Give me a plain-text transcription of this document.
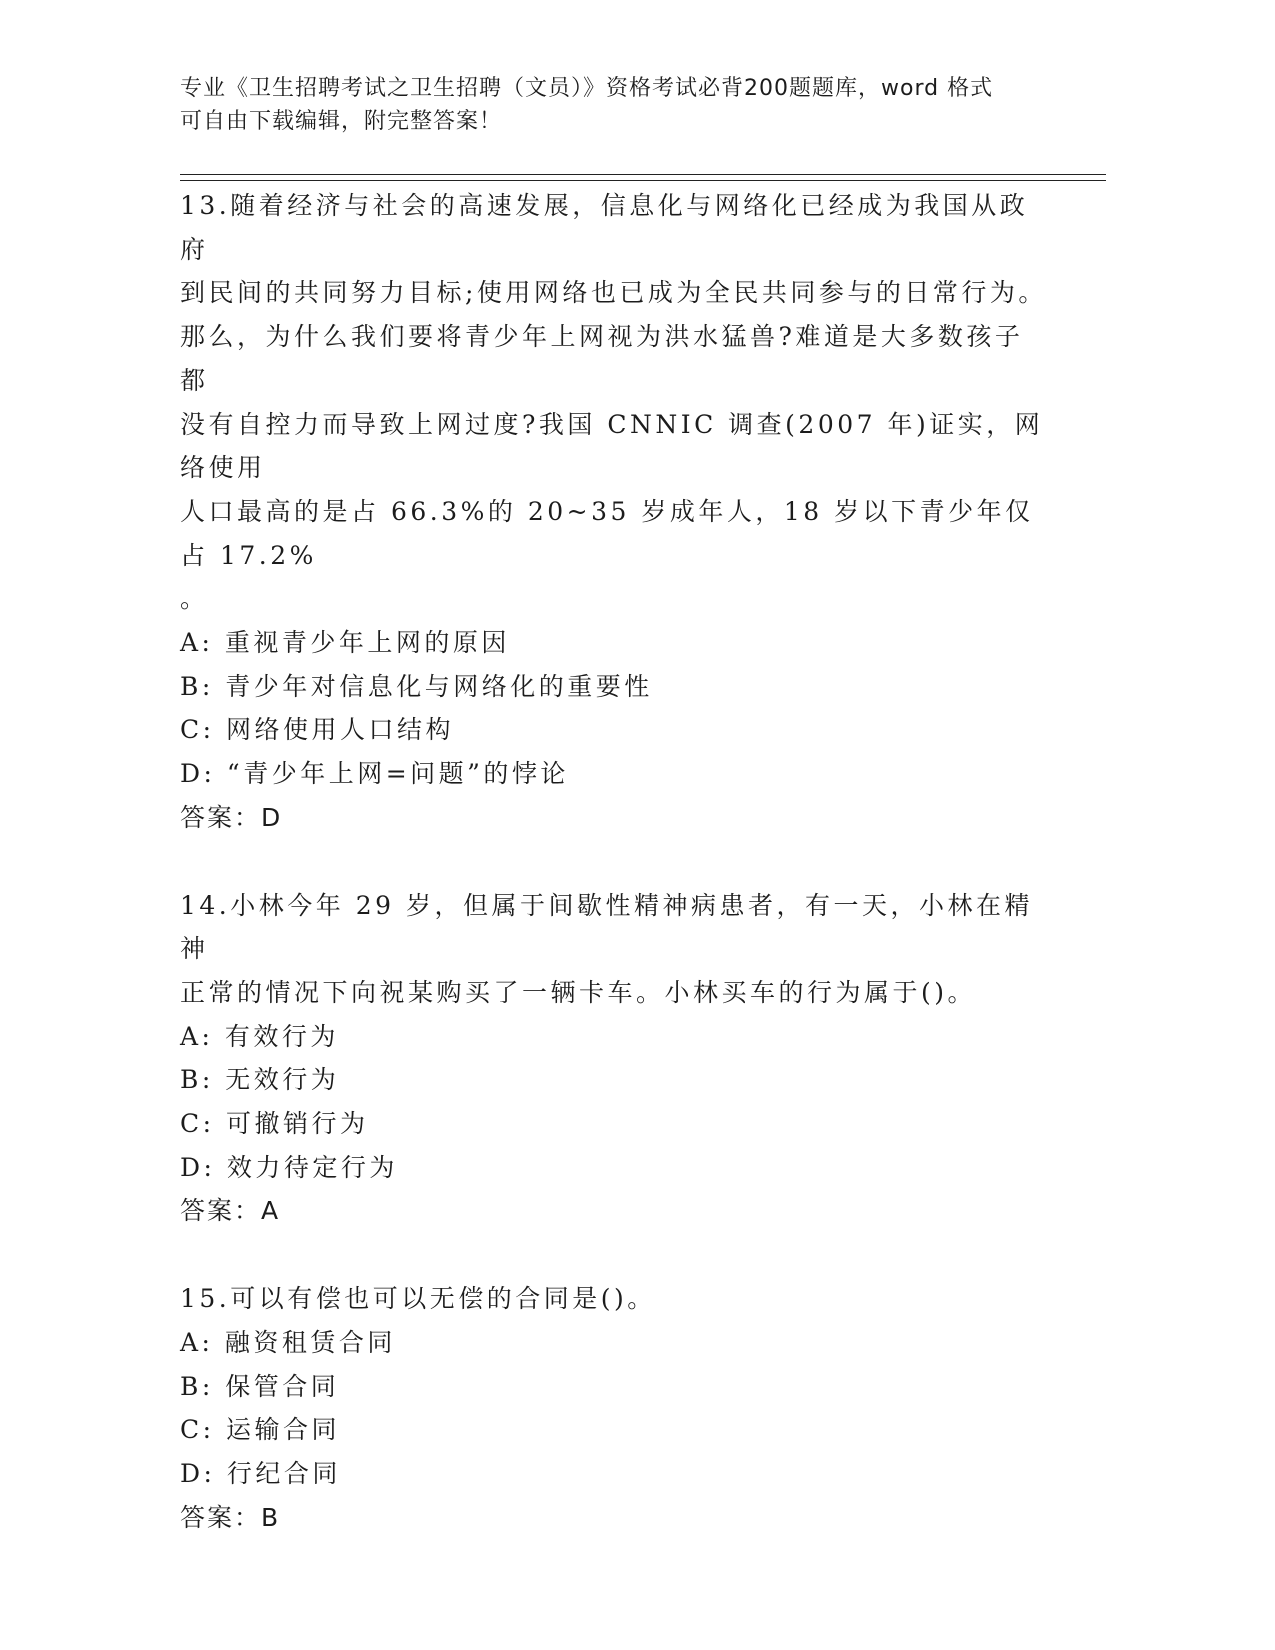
专业《卫生招聘考试之卫生招聘（文员）》资格考试必背200题题库，word 格式
可自由下载编辑，附完整答案！

13.随着经济与社会的高速发展，信息化与网络化已经成为我国从政府

到民间的共同努力目标;使用网络也已成为全民共同参与的日常行为。

那么，为什么我们要将青少年上网视为洪水猛兽?难道是大多数孩子都

没有自控力而导致上网过度?我国 CNNIC 调查(2007 年)证实，网络使用

人口最高的是占 66.3%的 20~35 岁成年人，18 岁以下青少年仅占 17.2%

。

A: 重视青少年上网的原因

B: 青少年对信息化与网络化的重要性

C: 网络使用人口结构

D: “青少年上网=问题”的悖论

答案：D

14.小林今年 29 岁，但属于间歇性精神病患者，有一天，小林在精神

正常的情况下向祝某购买了一辆卡车。小林买车的行为属于()。

A: 有效行为

B: 无效行为

C: 可撤销行为

D: 效力待定行为

答案：A

15.可以有偿也可以无偿的合同是()。

A: 融资租赁合同

B: 保管合同

C: 运输合同

D: 行纪合同

答案：B
